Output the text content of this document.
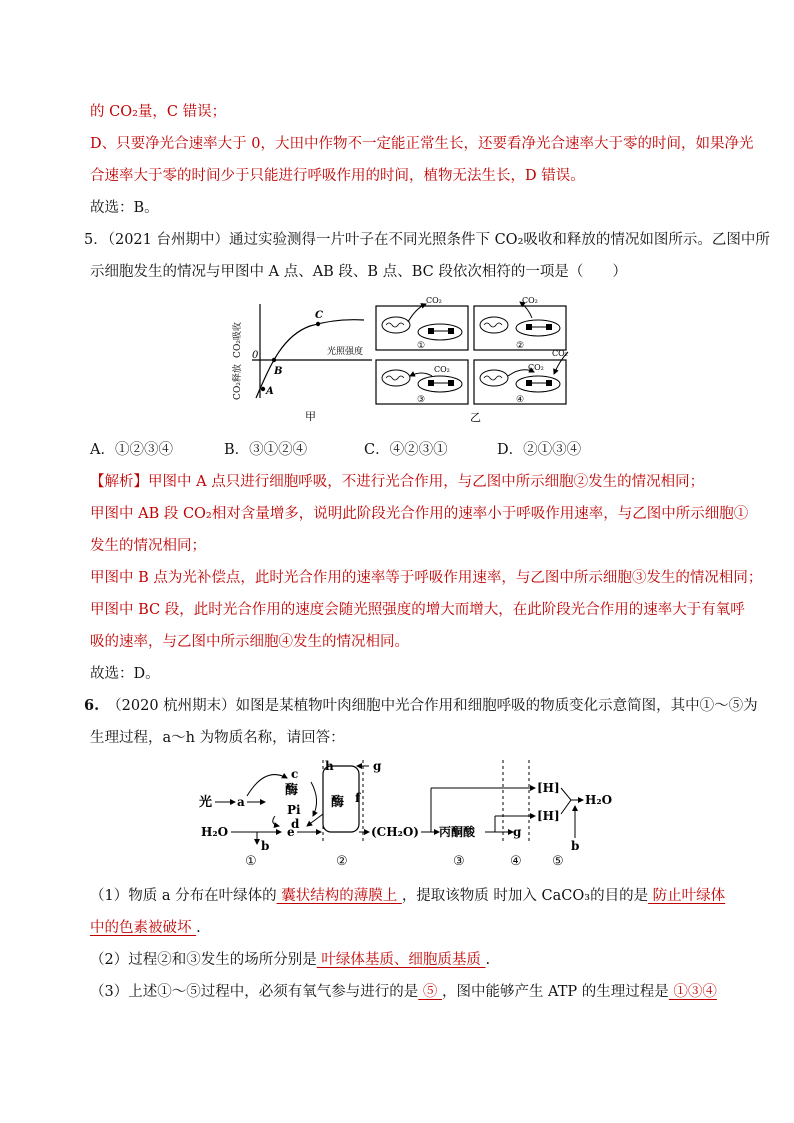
的 CO₂量，C 错误；
D、只要净光合速率大于 0，大田中作物不一定能正常生长，还要看净光合速率大于零的时间，如果净光
合速率大于零的时间少于只能进行呼吸作用的时间，植物无法生长，D 错误。
故选：B。
5．（2021 台州期中）通过实验测得一片叶子在不同光照条件下 CO₂吸收和释放的情况如图所示。乙图中所
示细胞发生的情况与甲图中 A 点、AB 段、B 点、BC 段依次相符的一项是（　　）
CO₂吸收
CO₂释放
光照强度
0
A
B
C
甲
CO₂
①
CO₂
②
CO₂
③
CO₂
CO₂
④
乙
A．①②③④	B．③①②④	C．④②③①	D．②①③④
【解析】甲图中 A 点只进行细胞呼吸，不进行光合作用，与乙图中所示细胞②发生的情况相同；
甲图中 AB 段 CO₂相对含量增多，说明此阶段光合作用的速率小于呼吸作用速率，与乙图中所示细胞①
发生的情况相同；
甲图中 B 点为光补偿点，此时光合作用的速率等于呼吸作用速率，与乙图中所示细胞③发生的情况相同；
甲图中 BC 段，此时光合作用的速度会随光照强度的增大而增大，在此阶段光合作用的速率大于有氧呼
吸的速率，与乙图中所示细胞④发生的情况相同。
故选：D。
6. （2020 杭州期末）如图是某植物叶肉细胞中光合作用和细胞呼吸的物质变化示意简图，其中①～⑤为
生理过程，a～h 为物质名称，请回答：
光 a
c
酶
Pi
d
h	g
酶 f
H₂O
b
e	(CH₂O) 丙酮酸	g
[H]
[H]
H₂O
b
①	②	③	④ ⑤
（1）物质 a 分布在叶绿体的 囊状结构的薄膜上 ，提取该物质 时加入 CaCO₃的目的是 防止叶绿体
中的色素被破坏 .
（2）过程②和③发生的场所分别是 叶绿体基质、细胞质基质 .
（3）上述①～⑤过程中，必须有氧气参与进行的是 ⑤ ，图中能够产生 ATP 的生理过程是 ①③④
